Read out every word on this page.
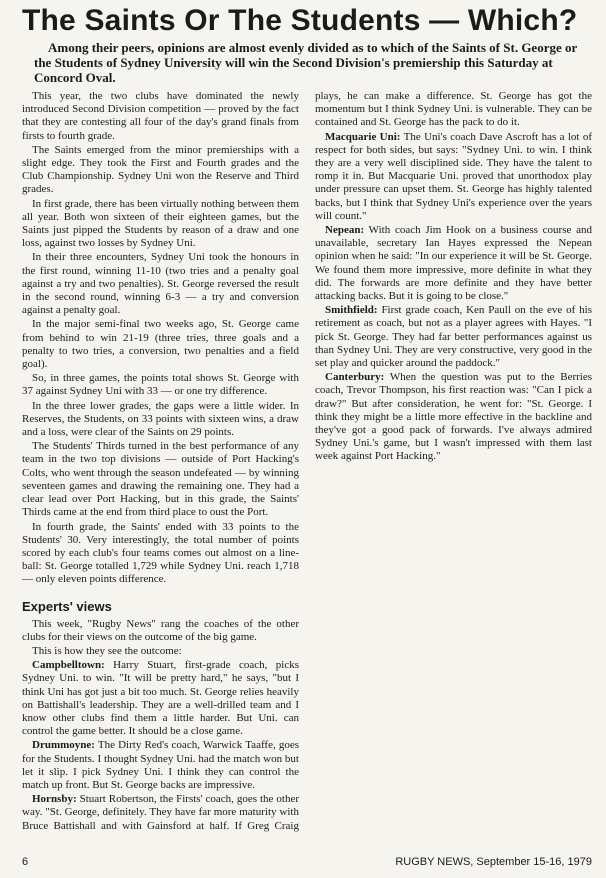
The Saints Or The Students — Which?

Among their peers, opinions are almost evenly divided as to which of the Saints of St. George or the Students of Sydney University will win the Second Division's premiership this Saturday at Concord Oval.

This year, the two clubs have dominated the newly introduced Second Division competition — proved by the fact that they are contesting all four of the day's grand finals from firsts to fourth grade.

The Saints emerged from the minor premierships with a slight edge. They took the First and Fourth grades and the Club Championship. Sydney Uni won the Reserve and Third grades.

In first grade, there has been virtually nothing between them all year. Both won sixteen of their eighteen games, but the Saints just pipped the Students by reason of a draw and one loss, against two losses by Sydney Uni.

In their three encounters, Sydney Uni took the honours in the first round, winning 11-10 (two tries and a penalty goal against a try and two penalties). St. George reversed the result in the second round, winning 6-3 — a try and conversion against a penalty goal.

In the major semi-final two weeks ago, St. George came from behind to win 21-19 (three tries, three goals and a penalty to two tries, a conversion, two penalties and a field goal).

So, in three games, the points total shows St. George with 37 against Sydney Uni with 33 — or one try difference.

In the three lower grades, the gaps were a little wider. In Reserves, the Students, on 33 points with sixteen wins, a draw and a loss, were clear of the Saints on 29 points.

The Students' Thirds turned in the best performance of any team in the two top divisions — outside of Port Hacking's Colts, who went through the season undefeated — by winning seventeen games and drawing the remaining one. They had a clear lead over Port Hacking, but in this grade, the Saints' Thirds came at the end from third place to oust the Port.

In fourth grade, the Saints' ended with 33 points to the Students' 30. Very interestingly, the total number of points scored by each club's four teams comes out almost on a line-ball: St. George totalled 1,729 while Sydney Uni. reach 1,718 — only eleven points difference.

Experts' views

This week, "Rugby News" rang the coaches of the other clubs for their views on the outcome of the big game.

This is how they see the outcome:

Campbelltown: Harry Stuart, first-grade coach, picks Sydney Uni. to win. "It will be pretty hard," he says, "but I think Uni has got just a bit too much. St. George relies heavily on Battishall's leadership. They are a well-drilled team and I know other clubs find them a little harder. But Uni. can control the game better. It should be a close game.

Drummoyne: The Dirty Red's coach, Warwick Taaffe, goes for the Students. I thought Sydney Uni. had the match won but let it slip. I pick Sydney Uni. I think they can control the match up front. But St. George backs are impressive.

Hornsby: Stuart Robertson, the Firsts' coach, goes the other way. "St. George, definitely. They have far more maturity with Bruce Battishall and with Gainsford at half. If Greg Craig plays, he can make a difference. St. George has got the momentum but I think Sydney Uni. is vulnerable. They can be contained and St. George has the pack to do it.

Macquarie Uni: The Uni's coach Dave Ascroft has a lot of respect for both sides, but says: "Sydney Uni. to win. I think they are a very well disciplined side. They have the talent to romp it in. But Macquarie Uni. proved that unorthodox play under pressure can upset them. St. George has highly talented backs, but I think that Sydney Uni's experience over the years will count."

Nepean: With coach Jim Hook on a business course and unavailable, secretary Ian Hayes expressed the Nepean opinion when he said: "In our experience it will be St. George. We found them more impressive, more definite in what they did. The forwards are more definite and they have better attacking backs. But it is going to be close."

Smithfield: First grade coach, Ken Paull on the eve of his retirement as coach, but not as a player agrees with Hayes. "I pick St. George. They had far better performances against us than Sydney Uni. They are very constructive, very good in the set play and quicker around the paddock."

Canterbury: When the question was put to the Berries coach, Trevor Thompson, his first reaction was: "Can I pick a draw?" But after consideration, he went for: "St. George. I think they might be a little more effective in the backline and they've got a good pack of forwards. I've always admired Sydney Uni.'s game, but I wasn't impressed with them last week against Port Hacking."

6	RUGBY NEWS, September 15-16, 1979
